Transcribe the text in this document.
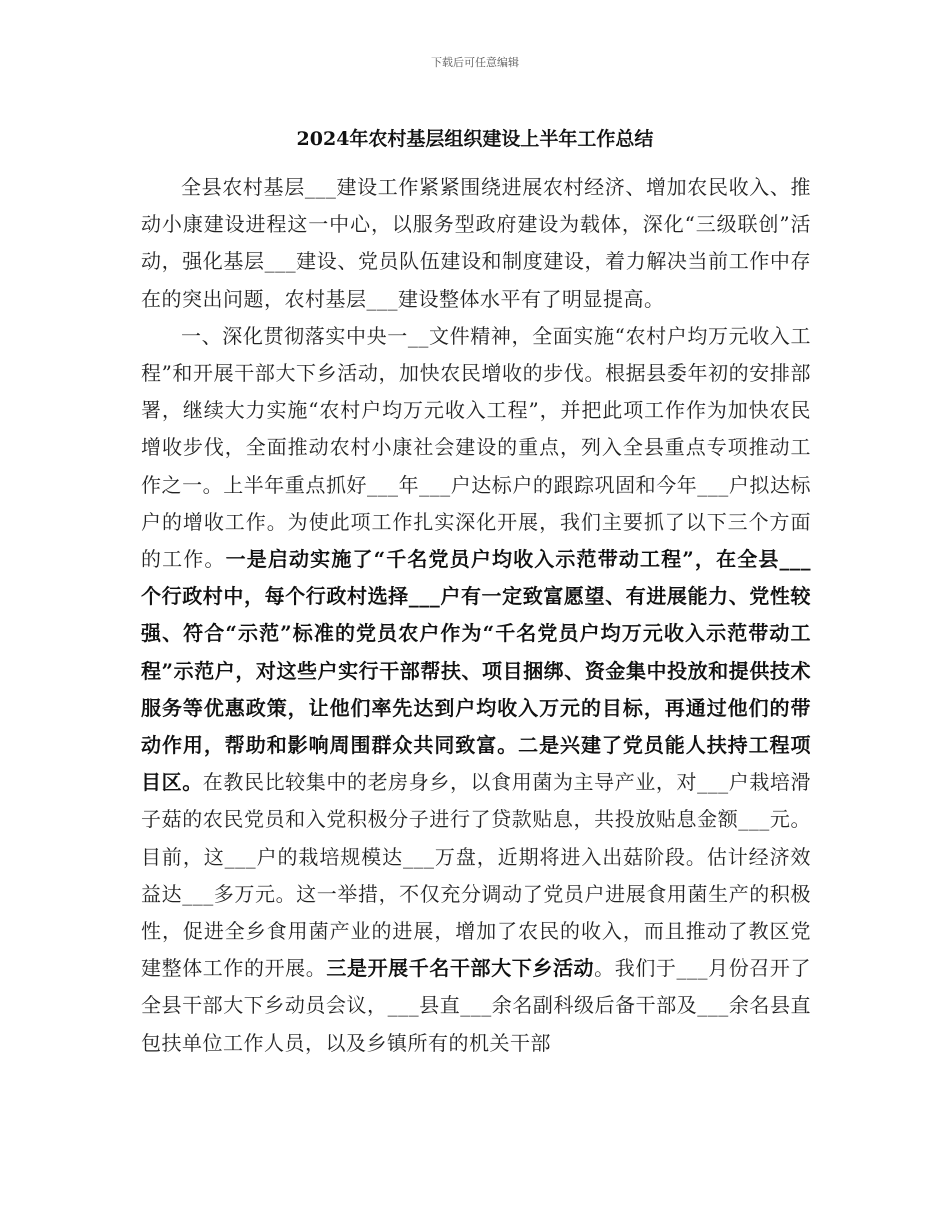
下载后可任意编辑
2024年农村基层组织建设上半年工作总结

全县农村基层___建设工作紧紧围绕进展农村经济、增加农民收入、推动小康建设进程这一中心，以服务型政府建设为载体，深化“三级联创”活动，强化基层___建设、党员队伍建设和制度建设，着力解决当前工作中存在的突出问题，农村基层___建设整体水平有了明显提高。

一、深化贯彻落实中央一__文件精神，全面实施“农村户均万元收入工程”和开展干部大下乡活动，加快农民增收的步伐。根据县委年初的安排部署，继续大力实施“农村户均万元收入工程”，并把此项工作作为加快农民增收步伐，全面推动农村小康社会建设的重点，列入全县重点专项推动工作之一。上半年重点抓好___年___户达标户的跟踪巩固和今年___户拟达标户的增收工作。为使此项工作扎实深化开展，我们主要抓了以下三个方面的工作。一是启动实施了“千名党员户均收入示范带动工程”，在全县___个行政村中，每个行政村选择___户有一定致富愿望、有进展能力、党性较强、符合“示范”标准的党员农户作为“千名党员户均万元收入示范带动工程”示范户，对这些户实行干部帮扶、项目捆绑、资金集中投放和提供技术服务等优惠政策，让他们率先达到户均收入万元的目标，再通过他们的带动作用，帮助和影响周围群众共同致富。二是兴建了党员能人扶持工程项目区。在教民比较集中的老房身乡，以食用菌为主导产业，对___户栽培滑子菇的农民党员和入党积极分子进行了贷款贴息，共投放贴息金额___元。目前，这___户的栽培规模达___万盘，近期将进入出菇阶段。估计经济效益达___多万元。这一举措，不仅充分调动了党员户进展食用菌生产的积极性，促进全乡食用菌产业的进展，增加了农民的收入，而且推动了教区党建整体工作的开展。三是开展千名干部大下乡活动。我们于___月份召开了全县干部大下乡动员会议，___县直___余名副科级后备干部及___余名县直包扶单位工作人员，以及乡镇所有的机关干部
